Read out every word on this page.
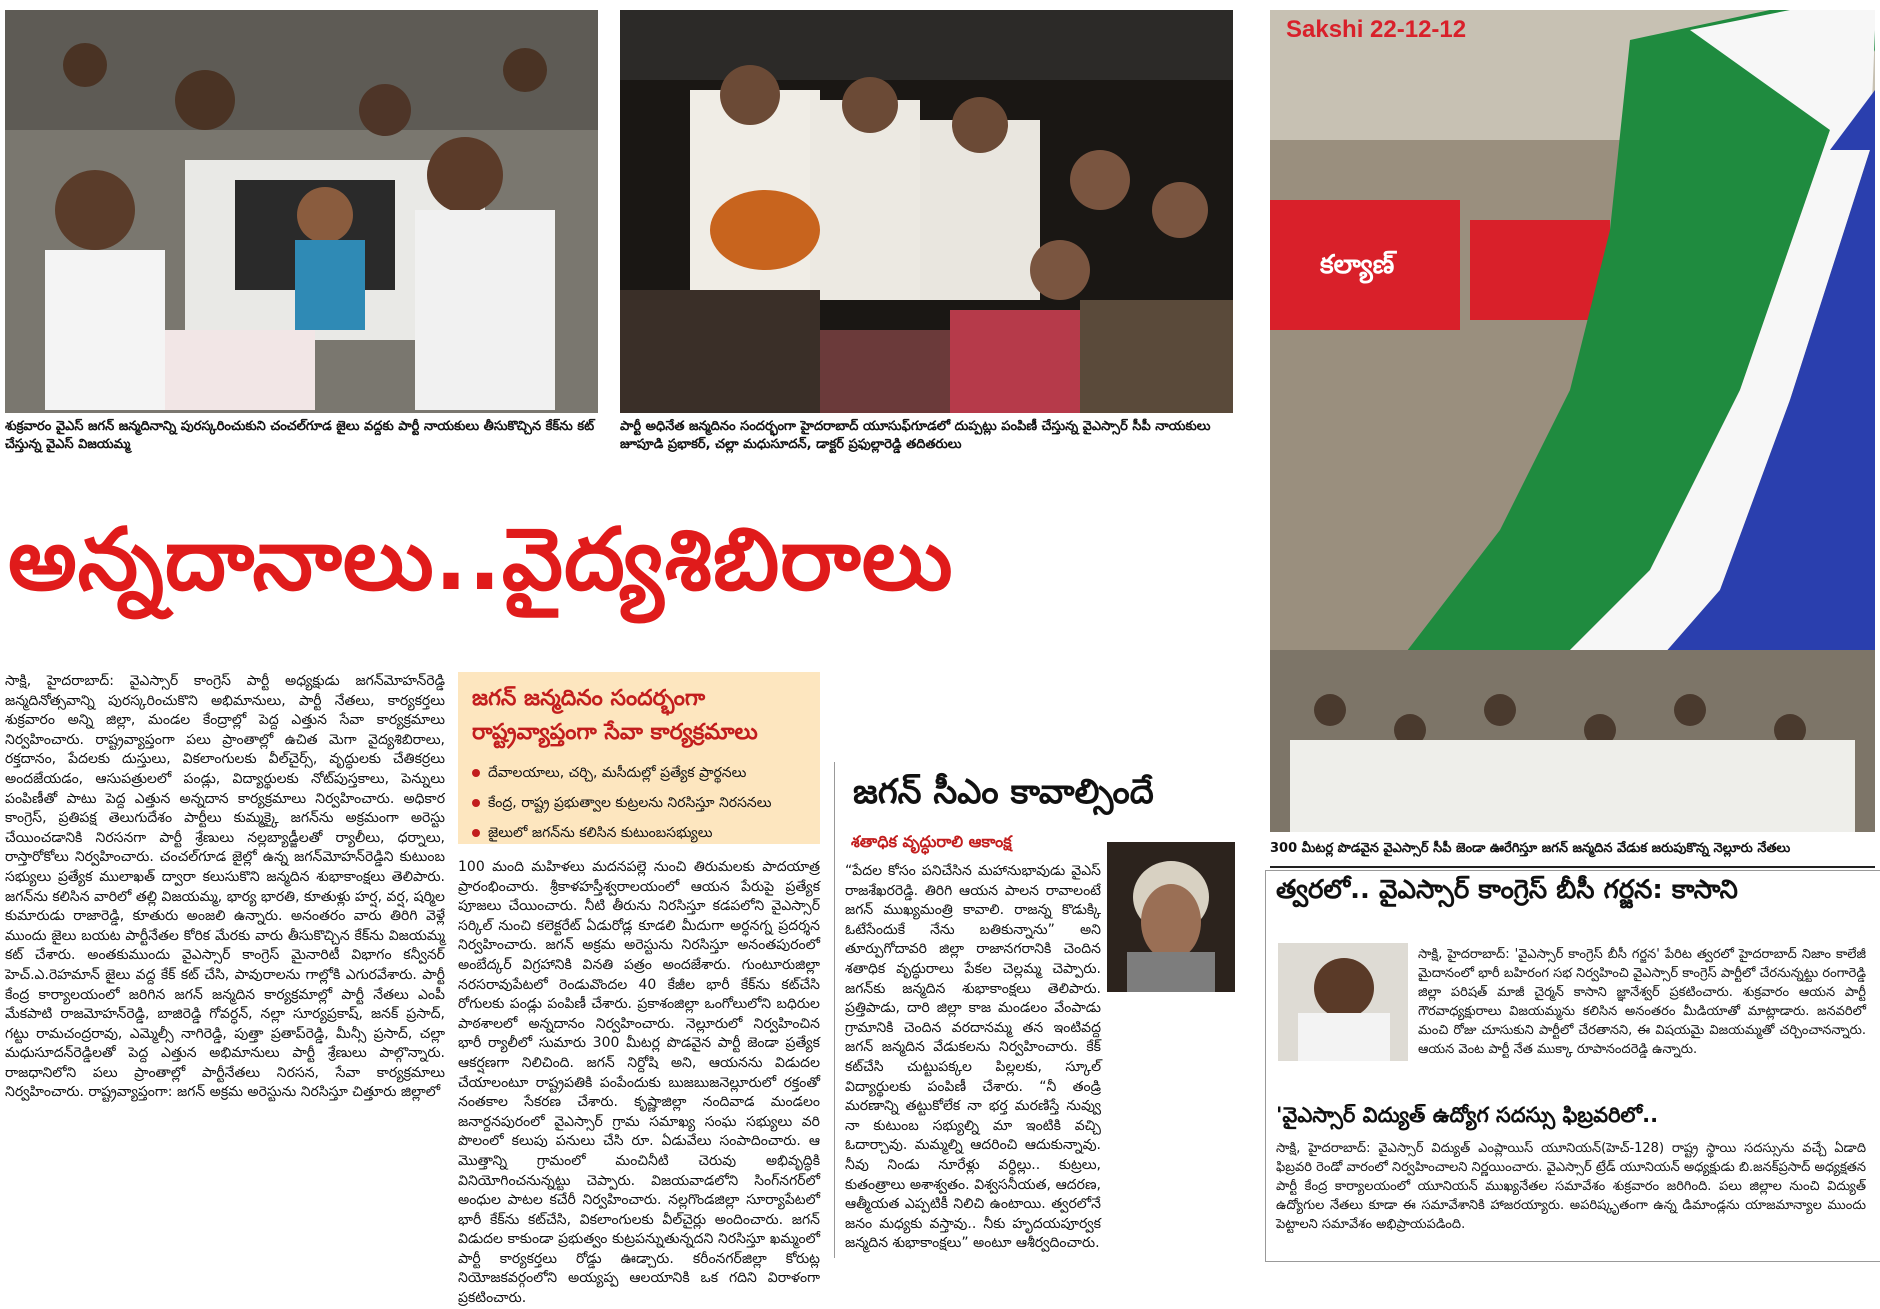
శుక్రవారం వైఎస్ జగన్ జన్మదినాన్ని పురస్కరించుకుని చంచల్‌గూడ జైలు వద్దకు పార్టీ నాయకులు తీసుకొచ్చిన కేక్‌ను కట్ చేస్తున్న వైఎస్ విజయమ్మ
పార్టీ అధినేత జన్మదినం సందర్భంగా హైదరాబాద్ యూసుఫ్‌గూడలో దుప్పట్లు పంపిణీ చేస్తున్న వైఎస్సార్ సీపీ నాయకులు జూపూడి ప్రభాకర్, చల్లా మధుసూదన్, డాక్టర్ ప్రఫుల్లారెడ్డి తదితరులు
Sakshi 22-12-12
కల్యాణ్
300 మీటర్ల పొడవైన వైఎస్సార్ సీపీ జెండా ఊరేగిస్తూ జగన్ జన్మదిన వేడుక జరుపుకొన్న నెల్లూరు నేతలు
అన్నదానాలు..వైద్యశిబిరాలు
సాక్షి, హైదరాబాద్: వైఎస్సార్ కాంగ్రెస్ పార్టీ అధ్యక్షుడు జగన్‌మోహన్‌రెడ్డి జన్మదినోత్సవాన్ని పురస్కరించుకొని అభిమానులు, పార్టీ నేతలు, కార్యకర్తలు శుక్రవారం అన్ని జిల్లా, మండల కేంద్రాల్లో పెద్ద ఎత్తున సేవా కార్యక్రమాలు నిర్వహించారు. రాష్ట్రవ్యాప్తంగా పలు ప్రాంతాల్లో ఉచిత మెగా వైద్యశిబిరాలు, రక్తదానం, పేదలకు దుస్తులు, వికలాంగులకు వీల్‌చైర్స్, వృద్ధులకు చేతికర్రలు అందజేయడం, ఆసుపత్రులలో పండ్లు, విద్యార్థులకు నోట్‌పుస్తకాలు, పెన్నులు పంపిణీతో పాటు పెద్ద ఎత్తున అన్నదాన కార్యక్రమాలు నిర్వహించారు. అధికార కాంగ్రెస్, ప్రతిపక్ష తెలుగుదేశం పార్టీలు కుమ్మక్కై జగన్‌ను అక్రమంగా అరెస్టు చేయించడానికి నిరసనగా పార్టీ శ్రేణులు నల్లబ్యాడ్జీలతో ర్యాలీలు, ధర్నాలు, రాస్తారోకోలు నిర్వహించారు. చంచల్‌గూడ జైల్లో ఉన్న జగన్‌మోహన్‌రెడ్డిని కుటుంబ సభ్యులు ప్రత్యేక ములాఖత్ ద్వారా కలుసుకొని జన్మదిన శుభాకాంక్షలు తెలిపారు. జగన్‌ను కలిసిన వారిలో తల్లి విజయమ్మ, భార్య భారతి, కూతుళ్లు హర్ష, వర్ష, షర్మిల కుమారుడు రాజారెడ్డి, కూతురు అంజలి ఉన్నారు. అనంతరం వారు తిరిగి వెళ్లే ముందు జైలు బయట పార్టీనేతల కోరిక మేరకు వారు తీసుకొచ్చిన కేక్‌ను విజయమ్మ కట్ చేశారు. అంతకుముందు వైఎస్సార్ కాంగ్రెస్ మైనారిటీ విభాగం కన్వీనర్ హెచ్.ఎ.రెహమాన్ జైలు వద్ద కేక్ కట్ చేసి, పావురాలను గాల్లోకి ఎగురవేశారు. పార్టీ కేంద్ర కార్యాలయంలో జరిగిన జగన్ జన్మదిన కార్యక్రమాల్లో పార్టీ నేతలు ఎంపీ మేకపాటి రాజమోహన్‌రెడ్డి, బాజిరెడ్డి గోవర్ధన్, నల్లా సూర్యప్రకాష్, జనక్ ప్రసాద్, గట్టు రామచంద్రరావు, ఎమ్మెల్సీ నాగిరెడ్డి, పుత్తా ప్రతాప్‌రెడ్డి, మీన్సీ ప్రసాద్, చల్లా మధుసూదన్‌రెడ్డిలతో పెద్ద ఎత్తున అభిమానులు పార్టీ శ్రేణులు పాల్గొన్నారు. రాజధానిలోని పలు ప్రాంతాల్లో పార్టీనేతలు నిరసన, సేవా కార్యక్రమాలు నిర్వహించారు. రాష్ట్రవ్యాప్తంగా: జగన్ అక్రమ అరెస్టును నిరసిస్తూ చిత్తూరు జిల్లాలో
జగన్ జన్మదినం సందర్భంగా
రాష్ట్రవ్యాప్తంగా సేవా కార్యక్రమాలు
దేవాలయాలు, చర్చి, మసీదుల్లో ప్రత్యేక ప్రార్థనలు
కేంద్ర, రాష్ట్ర ప్రభుత్వాల కుట్రలను నిరసిస్తూ నిరసనలు
జైలులో జగన్‌ను కలిసిన కుటుంబసభ్యులు
100 మంది మహిళలు మదనపల్లె నుంచి తిరుమలకు పాదయాత్ర ప్రారంభించారు. శ్రీకాళహస్తీశ్వరాలయంలో ఆయన పేరుపై ప్రత్యేక పూజలు చేయించారు. నీటి తీరును నిరసిస్తూ కడపలోని వైఎస్సార్ సర్కిల్ నుంచి కలెక్టరేట్ ఏడురోడ్ల కూడలి మీదుగా అర్ధనగ్న ప్రదర్శన నిర్వహించారు. జగన్ అక్రమ అరెస్టును నిరసిస్తూ అనంతపురంలో అంబేద్కర్ విగ్రహానికి వినతి పత్రం అందజేశారు. గుంటూరుజిల్లా నరసరావుపేటలో రెండువొందల 40 కేజీల భారీ కేక్‌ను కట్‌చేసి రోగులకు పండ్లు పంపిణీ చేశారు. ప్రకాశంజిల్లా ఒంగోలులోని బధిరుల పాఠశాలలో అన్నదానం నిర్వహించారు. నెల్లూరులో నిర్వహించిన భారీ ర్యాలీలో సుమారు 300 మీటర్ల పొడవైన పార్టీ జెండా ప్రత్యేక ఆకర్షణగా నిలిచింది. జగన్ నిర్దోషి అని, ఆయనను విడుదల చేయాలంటూ రాష్ట్రపతికి పంపేందుకు బుజబుజనెల్లూరులో రక్తంతో నంతకాల సేకరణ చేశారు. కృష్ణాజిల్లా నందివాడ మండలం జనార్దనపురంలో వైఎస్సార్ గ్రామ సమాఖ్య సంఘ సభ్యులు వరి పొలంలో కలుపు పనులు చేసి రూ. ఏడువేలు సంపాదించారు. ఆ మొత్తాన్ని గ్రామంలో మంచినీటి చెరువు అభివృద్ధికి వినియోగించనున్నట్టు చెప్పారు. విజయవాడలోని సింగ్‌నగర్‌లో అంధుల పాటల కచేరీ నిర్వహించారు. నల్లగొండజిల్లా సూర్యాపేటలో భారీ కేక్‌ను కట్‌చేసి, వికలాంగులకు వీల్‌చైర్లు అందించారు. జగన్ విడుదల కాకుండా ప్రభుత్వం కుట్రపన్నుతున్నదని నిరసిస్తూ ఖమ్మంలో పార్టీ కార్యకర్తలు రోడ్డు ఊడ్చారు. కరీంనగర్‌జిల్లా కోరుట్ల నియోజకవర్గంలోని అయ్యప్ప ఆలయానికి ఒక గదిని విరాళంగా ప్రకటించారు.
జగన్ సీఎం కావాల్సిందే
శతాధిక వృద్ధురాలి ఆకాంక్ష
“పేదల కోసం పనిచేసిన మహానుభావుడు వైఎస్ రాజశేఖరరెడ్డి. తిరిగి ఆయన పాలన రావాలంటే జగన్ ముఖ్యమంత్రి కావాలి. రాజన్న కొడుక్కి ఓటేసేందుకే నేను బతికున్నాను” అని తూర్పుగోదావరి జిల్లా రాజానగరానికి చెందిన శతాధిక వృద్ధురాలు పేకల చెల్లమ్మ చెప్పారు. జగన్‌కు జన్మదిన శుభాకాంక్షలు తెలిపారు. ప్రత్తిపాడు, దారి జిల్లా కాజ మండలం వేంపాడు గ్రామానికి చెందిన వరదానమ్మ తన ఇంటివద్ద జగన్ జన్మదిన వేడుకలను నిర్వహించారు. కేక్ కట్‌చేసి చుట్టుపక్కల పిల్లలకు, స్కూల్ విద్యార్థులకు పంపిణీ చేశారు. “నీ తండ్రి మరణాన్ని తట్టుకోలేక నా భర్త మరణిస్తే నువ్వు నా కుటుంబ సభ్యుల్ని మా ఇంటికి వచ్చి ఓదార్చావు. మమ్మల్ని ఆదరించి ఆదుకున్నావు. నీవు నిండు నూరేళ్లు వర్ధిల్లు.. కుట్రలు, కుతంత్రాలు అశాశ్వతం. విశ్వసనీయత, ఆదరణ, ఆత్మీయత ఎప్పటికీ నిలిచి ఉంటాయి. త్వరలోనే జనం మధ్యకు వస్తావు.. నీకు హృదయపూర్వక జన్మదిన శుభాకాంక్షలు” అంటూ ఆశీర్వదించారు.
త్వరలో.. వైఎస్సార్ కాంగ్రెస్ బీసీ గర్జన: కాసాని
సాక్షి, హైదరాబాద్: 'వైఎస్సార్ కాంగ్రెస్ బీసీ గర్జన' పేరిట త్వరలో హైదరాబాద్ నిజాం కాలేజీ మైదానంలో భారీ బహిరంగ సభ నిర్వహించి వైఎస్సార్ కాంగ్రెస్ పార్టీలో చేరనున్నట్టు రంగారెడ్డి జిల్లా పరిషత్ మాజీ చైర్మన్ కాసాని జ్ఞానేశ్వర్ ప్రకటించారు. శుక్రవారం ఆయన పార్టీ గౌరవాధ్యక్షురాలు విజయమ్మను కలిసిన అనంతరం మీడియాతో మాట్లాడారు. జనవరిలో మంచి రోజు చూసుకుని పార్టీలో చేరతానని, ఈ విషయమై విజయమ్మతో చర్చించానన్నారు. ఆయన వెంట పార్టీ నేత ముక్కా రూపానందరెడ్డి ఉన్నారు.
'వైఎస్సార్ విద్యుత్ ఉద్యోగ సదస్సు ఫిబ్రవరిలో..
సాక్షి, హైదరాబాద్: వైఎస్సార్ విద్యుత్ ఎంప్లాయిస్ యూనియన్(హెచ్-128) రాష్ట్ర స్థాయి సదస్సును వచ్చే ఏడాది ఫిబ్రవరి రెండో వారంలో నిర్వహించాలని నిర్ణయించారు. వైఎస్సార్ ట్రేడ్ యూనియన్ అధ్యక్షుడు బి.జనక్‌ప్రసాద్ అధ్యక్షతన పార్టీ కేంద్ర కార్యాలయంలో యూనియన్ ముఖ్యనేతల సమావేశం శుక్రవారం జరిగింది. పలు జిల్లాల నుంచి విద్యుత్ ఉద్యోగుల నేతలు కూడా ఈ సమావేశానికి హాజరయ్యారు. అపరిష్కృతంగా ఉన్న డిమాండ్లను యాజమాన్యాల ముందు పెట్టాలని సమావేశం అభిప్రాయపడింది.
